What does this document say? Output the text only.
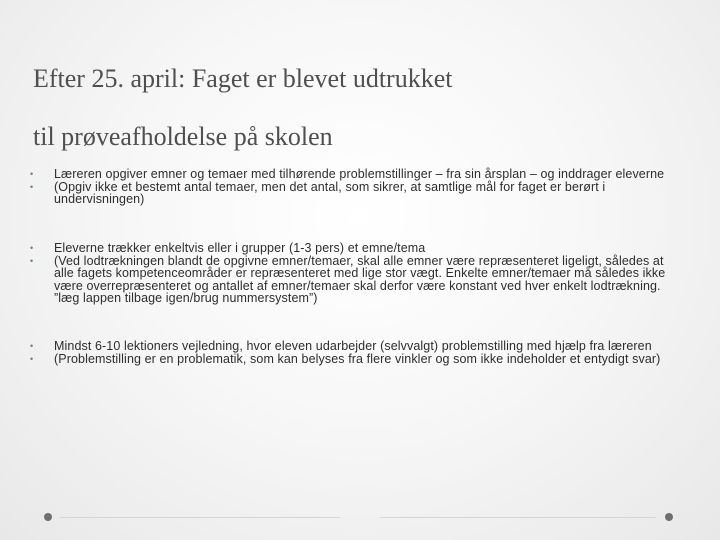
Efter 25. april: Faget er blevet udtrukket
til prøveafholdelse på skolen
•	Læreren opgiver emner og temaer med tilhørende problemstillinger – fra sin årsplan – og inddrager eleverne
•	(Opgiv ikke et bestemt antal temaer, men det antal, som sikrer, at samtlige mål for faget er berørt i undervisningen)
•	Eleverne trækker enkeltvis eller i grupper (1-3 pers) et emne/tema
•	(Ved lodtrækningen blandt de opgivne emner/temaer, skal alle emner være repræsenteret ligeligt, således at alle fagets kompetenceområder er repræsenteret med lige stor vægt. Enkelte emner/temaer må således ikke være overrepræsenteret og antallet af emner/temaer skal derfor være konstant ved hver enkelt lodtrækning. ”læg lappen tilbage igen/brug nummersystem”)
•	Mindst 6-10 lektioners vejledning, hvor eleven udarbejder (selvvalgt) problemstilling med hjælp fra læreren
•	(Problemstilling er en problematik, som kan belyses fra flere vinkler og som ikke indeholder et entydigt svar)
